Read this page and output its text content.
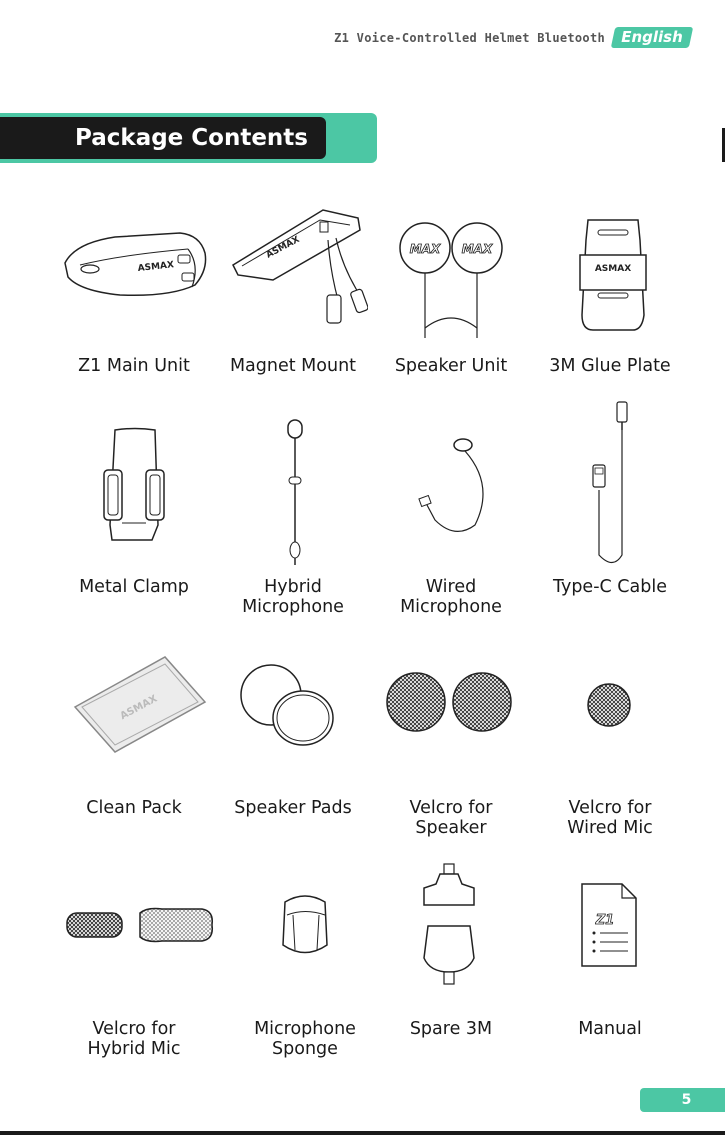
Z1 Voice-Controlled Helmet Bluetooth	English
Package Contents
ASMAX
ASMAX	MAX MAX
ASMAX
ASMAX
Z1
Z1 Main Unit	Magnet Mount	Speaker Unit	3M Glue Plate
Metal Clamp	Hybrid
Microphone
Wired
Microphone
Type-C Cable
Clean Pack	Speaker Pads	Velcro for
Speaker
Velcro for
Wired Mic
Velcro for
Hybrid Mic
Microphone
Sponge
Spare 3M	Manual
5
